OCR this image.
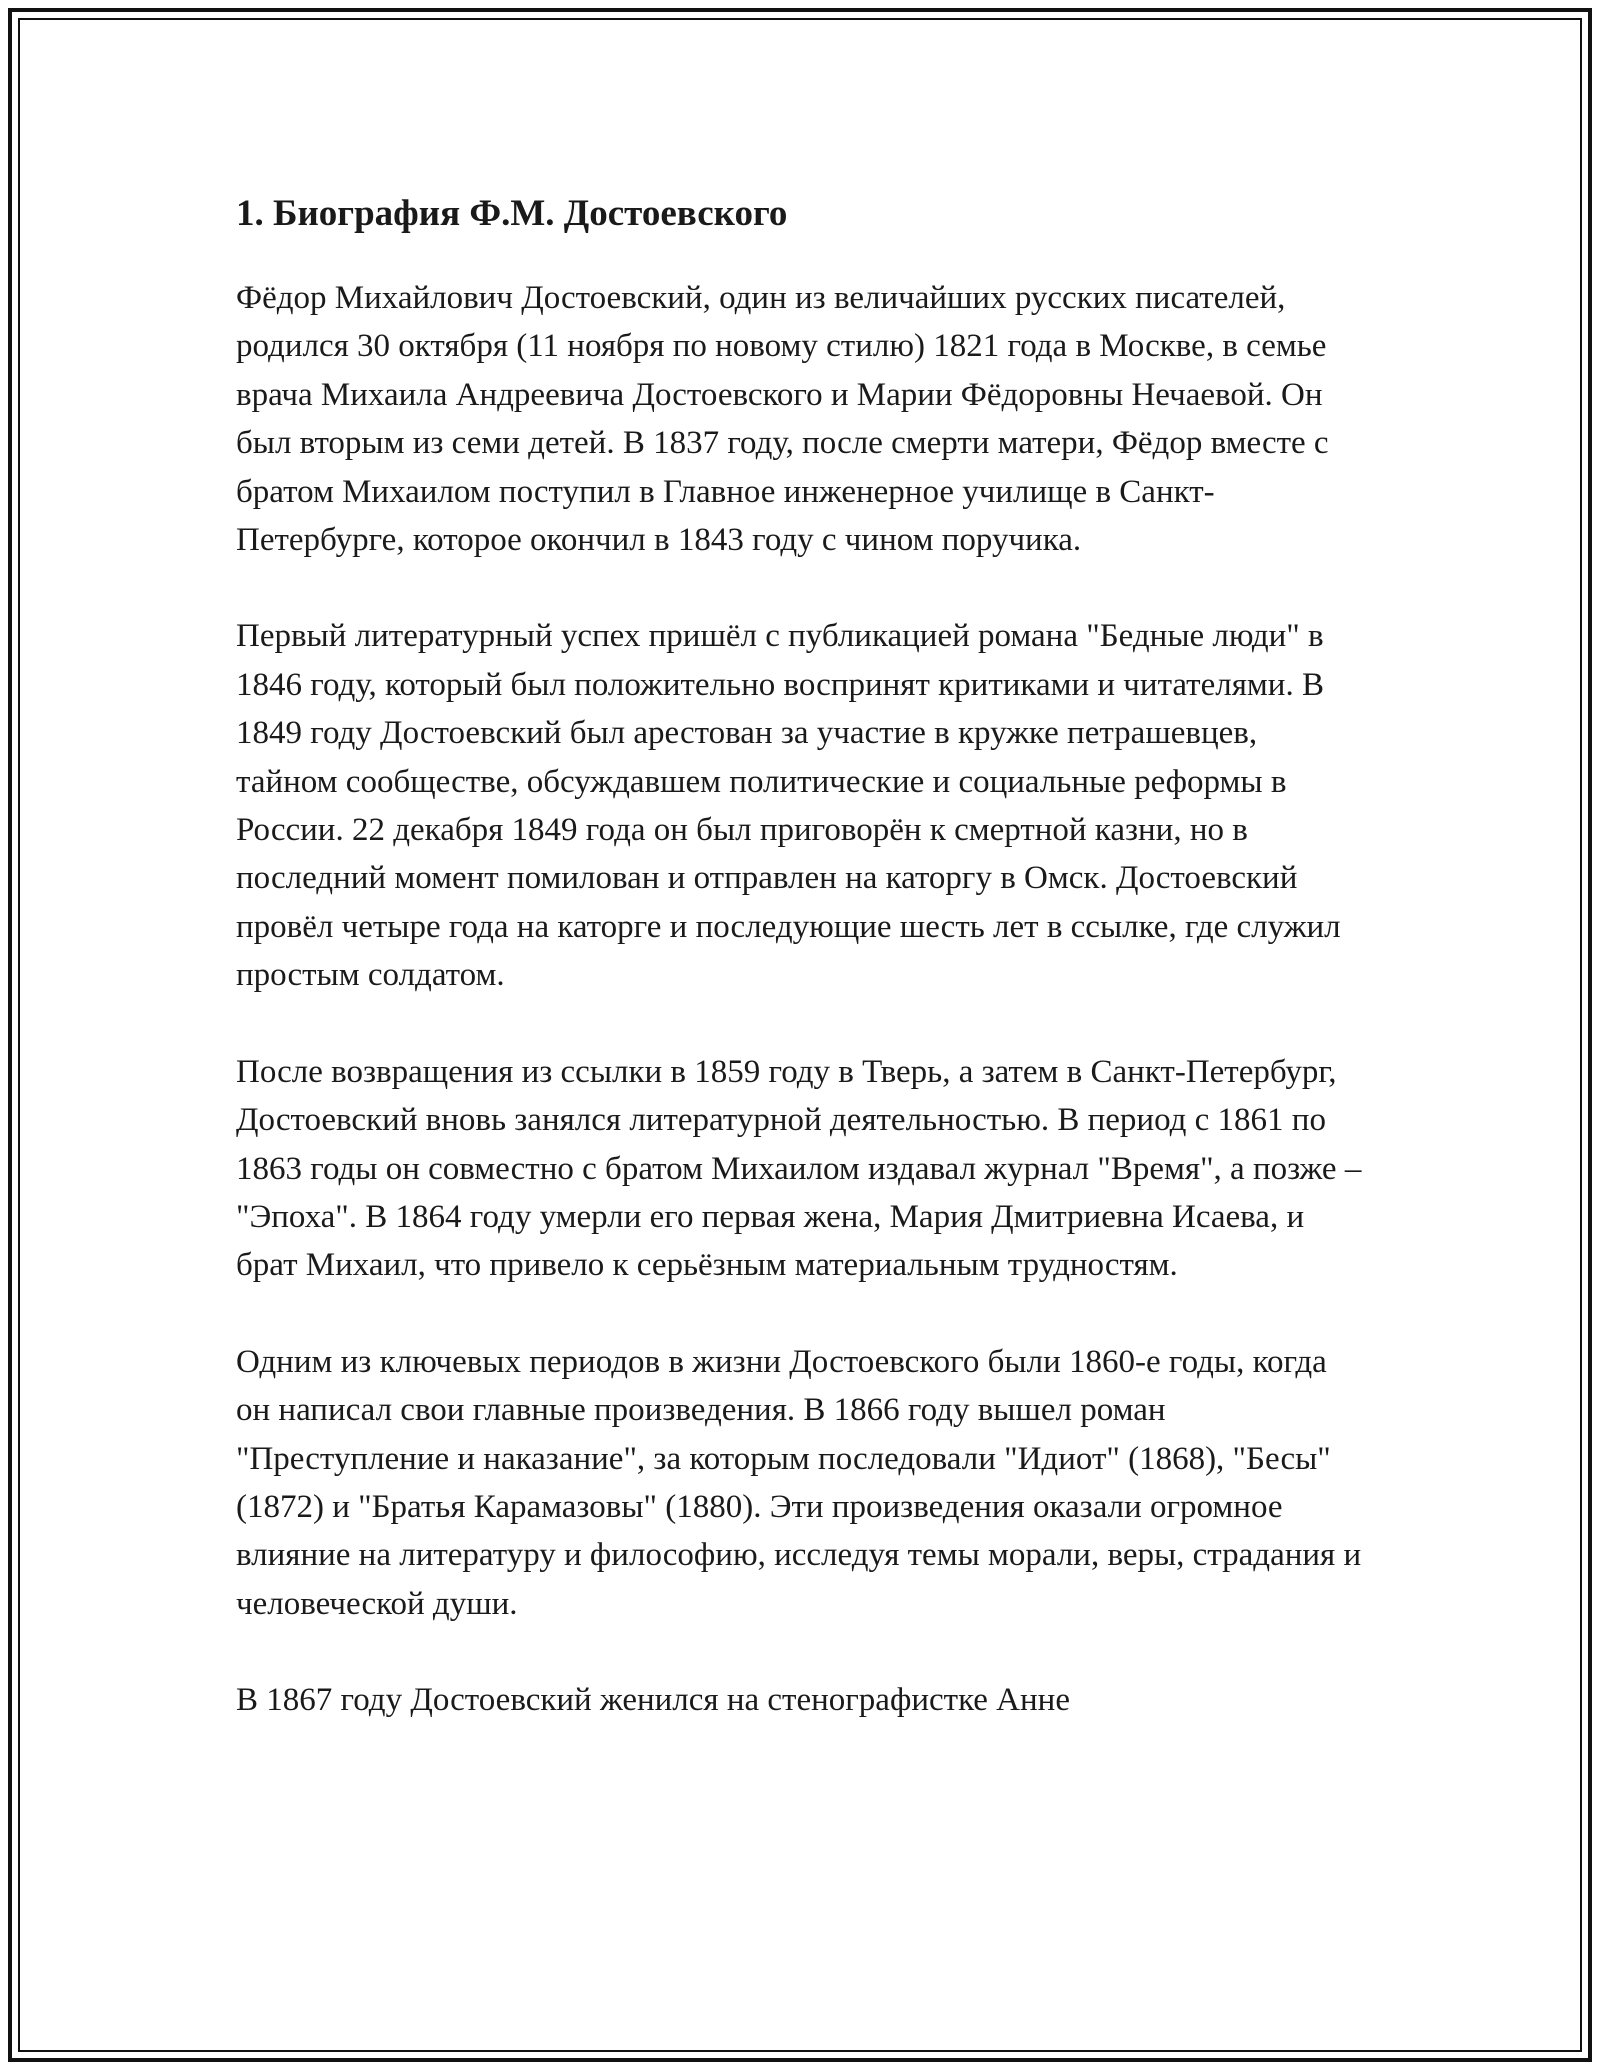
1. Биография Ф.М. Достоевского

Фёдор Михайлович Достоевский, один из величайших русских писателей, родился 30 октября (11 ноября по новому стилю) 1821 года в Москве, в семье врача Михаила Андреевича Достоевского и Марии Фёдоровны Нечаевой. Он был вторым из семи детей. В 1837 году, после смерти матери, Фёдор вместе с братом Михаилом поступил в Главное инженерное училище в Санкт-Петербурге, которое окончил в 1843 году с чином поручика.

Первый литературный успех пришёл с публикацией романа "Бедные люди" в 1846 году, который был положительно воспринят критиками и читателями. В 1849 году Достоевский был арестован за участие в кружке петрашевцев, тайном сообществе, обсуждавшем политические и социальные реформы в России. 22 декабря 1849 года он был приговорён к смертной казни, но в последний момент помилован и отправлен на каторгу в Омск. Достоевский провёл четыре года на каторге и последующие шесть лет в ссылке, где служил простым солдатом.

После возвращения из ссылки в 1859 году в Тверь, а затем в Санкт-Петербург, Достоевский вновь занялся литературной деятельностью. В период с 1861 по 1863 годы он совместно с братом Михаилом издавал журнал "Время", а позже – "Эпоха". В 1864 году умерли его первая жена, Мария Дмитриевна Исаева, и брат Михаил, что привело к серьёзным материальным трудностям.

Одним из ключевых периодов в жизни Достоевского были 1860-е годы, когда он написал свои главные произведения. В 1866 году вышел роман "Преступление и наказание", за которым последовали "Идиот" (1868), "Бесы" (1872) и "Братья Карамазовы" (1880). Эти произведения оказали огромное влияние на литературу и философию, исследуя темы морали, веры, страдания и человеческой души.

В 1867 году Достоевский женился на стенографистке Анне
